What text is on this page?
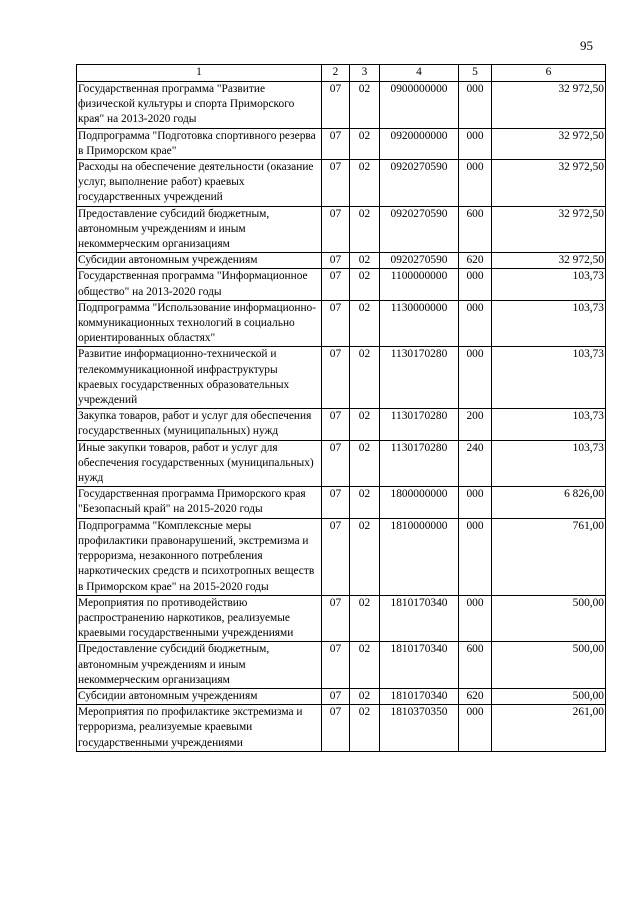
95
1	2	3	4	5	6
Государственная программа "Развитие физической культуры и спорта Приморского края" на 2013-2020 годы	07	02	0900000000	000	32 972,50
Подпрограмма "Подготовка спортивного резерва в Приморском крае"	07	02	0920000000	000	32 972,50
Расходы на обеспечение деятельности (оказание услуг, выполнение работ) краевых государственных учреждений	07	02	0920270590	000	32 972,50
Предоставление субсидий бюджетным, автономным учреждениям и иным некоммерческим организациям	07	02	0920270590	600	32 972,50
Субсидии автономным учреждениям	07	02	0920270590	620	32 972,50
Государственная программа "Информационное общество" на 2013-2020 годы	07	02	1100000000	000	103,73
Подпрограмма "Использование информационно-коммуникационных технологий в социально ориентированных областях"	07	02	1130000000	000	103,73
Развитие информационно-технической и телекоммуникационной инфраструктуры краевых государственных образовательных учреждений	07	02	1130170280	000	103,73
Закупка товаров, работ и услуг для обеспечения государственных (муниципальных) нужд	07	02	1130170280	200	103,73
Иные закупки товаров, работ и услуг для обеспечения государственных (муниципальных) нужд	07	02	1130170280	240	103,73
Государственная программа Приморского края "Безопасный край" на 2015-2020 годы	07	02	1800000000	000	6 826,00
Подпрограмма "Комплексные меры профилактики правонарушений, экстремизма и терроризма, незаконного потребления наркотических средств и психотропных веществ в Приморском крае" на 2015-2020 годы	07	02	1810000000	000	761,00
Мероприятия по противодействию распространению наркотиков, реализуемые краевыми государственными учреждениями	07	02	1810170340	000	500,00
Предоставление субсидий бюджетным, автономным учреждениям и иным некоммерческим организациям	07	02	1810170340	600	500,00
Субсидии автономным учреждениям	07	02	1810170340	620	500,00
Мероприятия по профилактике экстремизма и терроризма, реализуемые краевыми государственными учреждениями	07	02	1810370350	000	261,00
